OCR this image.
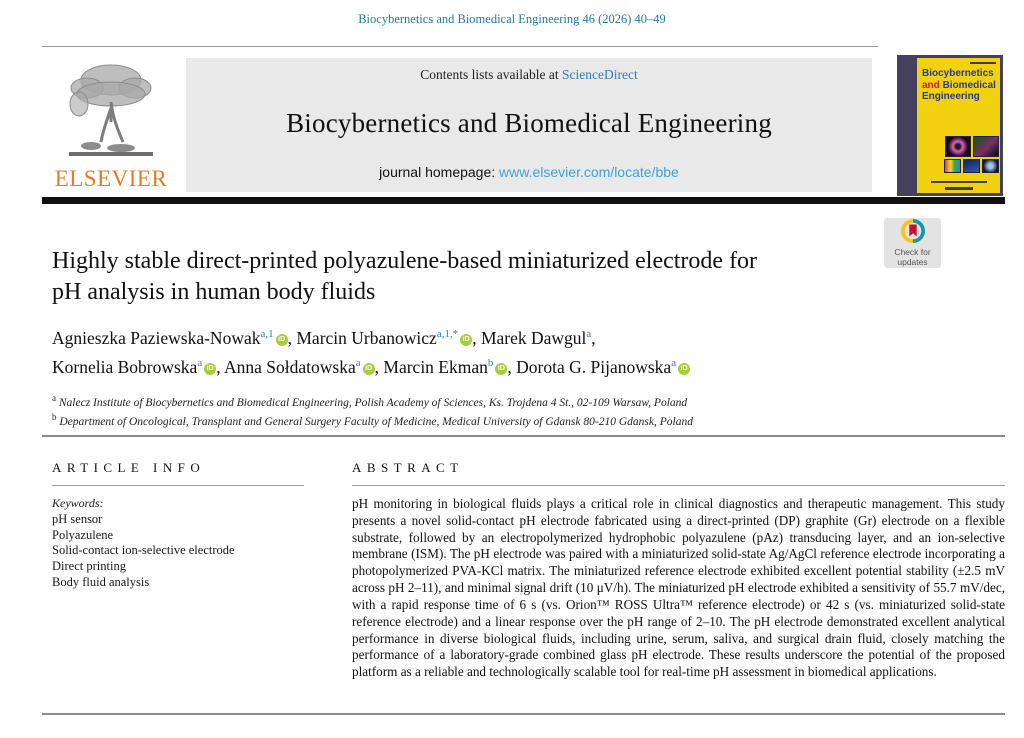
Biocybernetics and Biomedical Engineering 46 (2026) 40–49
ELSEVIER
Contents lists available at ScienceDirect
Biocybernetics and Biomedical Engineering
journal homepage: www.elsevier.com/locate/bbe
Biocybernetics
and Biomedical
Engineering
Check for
updates
Highly stable direct-printed polyazulene-based miniaturized electrode for
pH analysis in human body fluids
Agnieszka Paziewska-Nowak$^{a,1}$ iD , Marcin Urbanowicz$^{a,1,*}$ iD , Marek Dawgul$^a$,
Kornelia Bobrowska$^a$ iD , Anna Sołdatowska$^a$ iD , Marcin Ekman$^b$ iD , Dorota G. Pijanowska$^a$ iD
$^a$ Nalecz Institute of Biocybernetics and Biomedical Engineering, Polish Academy of Sciences, Ks. Trojdena 4 St., 02-109 Warsaw, Poland
$^b$ Department of Oncological, Transplant and General Surgery Faculty of Medicine, Medical University of Gdansk 80-210 Gdansk, Poland
ARTICLE INFO
Keywords:
pH sensor
Polyazulene
Solid-contact ion-selective electrode
Direct printing
Body fluid analysis
ABSTRACT
pH monitoring in biological fluids plays a critical role in clinical diagnostics and therapeutic management. This study presents a novel solid-contact pH electrode fabricated using a direct-printed (DP) graphite (Gr) electrode on a flexible substrate, followed by an electropolymerized hydrophobic polyazulene (pAz) transducing layer, and an ion-selective membrane (ISM). The pH electrode was paired with a miniaturized solid-state Ag/AgCl reference electrode incorporating a photopolymerized PVA-KCl matrix. The miniaturized reference electrode exhibited excellent potential stability (±2.5 mV across pH 2–11), and minimal signal drift (10 μV/h). The miniaturized pH electrode exhibited a sensitivity of 55.7 mV/dec, with a rapid response time of 6 s (vs. Orion™ ROSS Ultra™ reference electrode) or 42 s (vs. miniaturized solid-state reference electrode) and a linear response over the pH range of 2–10. The pH electrode demonstrated excellent analytical performance in diverse biological fluids, including urine, serum, saliva, and surgical drain fluid, closely matching the performance of a laboratory-grade combined glass pH electrode. These results underscore the potential of the proposed platform as a reliable and technologically scalable tool for real-time pH assessment in biomedical applications.
